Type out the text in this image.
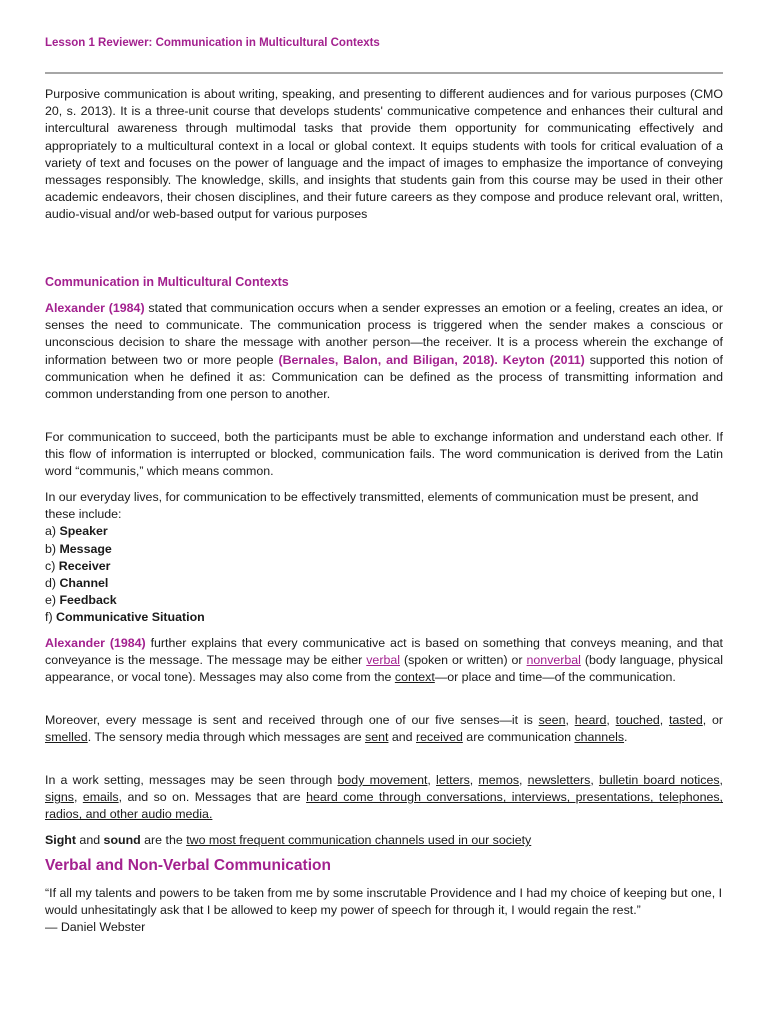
Lesson 1 Reviewer: Communication in Multicultural Contexts

Purposive communication is about writing, speaking, and presenting to different audiences and for various purposes (CMO 20, s. 2013). It is a three-unit course that develops students' communicative competence and enhances their cultural and intercultural awareness through multimodal tasks that provide them opportunity for communicating effectively and appropriately to a multicultural context in a local or global context. It equips students with tools for critical evaluation of a variety of text and focuses on the power of language and the impact of images to emphasize the importance of conveying messages responsibly. The knowledge, skills, and insights that students gain from this course may be used in their other academic endeavors, their chosen disciplines, and their future careers as they compose and produce relevant oral, written, audio-visual and/or web-based output for various purposes

Communication in Multicultural Contexts

Alexander (1984) stated that communication occurs when a sender expresses an emotion or a feeling, creates an idea, or senses the need to communicate. The communication process is triggered when the sender makes a conscious or unconscious decision to share the message with another person—the receiver. It is a process wherein the exchange of information between two or more people (Bernales, Balon, and Biligan, 2018). Keyton (2011) supported this notion of communication when he defined it as: Communication can be defined as the process of transmitting information and common understanding from one person to another.

For communication to succeed, both the participants must be able to exchange information and understand each other. If this flow of information is interrupted or blocked, communication fails. The word communication is derived from the Latin word “communis,” which means common.

In our everyday lives, for communication to be effectively transmitted, elements of communication must be present, and these include:

a) Speaker
b) Message
c) Receiver
d) Channel
e) Feedback
f) Communicative Situation

Alexander (1984) further explains that every communicative act is based on something that conveys meaning, and that conveyance is the message. The message may be either verbal (spoken or written) or nonverbal (body language, physical appearance, or vocal tone). Messages may also come from the context—or place and time—of the communication.

Moreover, every message is sent and received through one of our five senses—it is seen, heard, touched, tasted, or smelled. The sensory media through which messages are sent and received are communication channels.

In a work setting, messages may be seen through body movement, letters, memos, newsletters, bulletin board notices, signs, emails, and so on. Messages that are heard come through conversations, interviews, presentations, telephones, radios, and other audio media.

Sight and sound are the two most frequent communication channels used in our society

Verbal and Non-Verbal Communication

“If all my talents and powers to be taken from me by some inscrutable Providence and I had my choice of keeping but one, I would unhesitatingly ask that I be allowed to keep my power of speech for through it, I would regain the rest.”

— Daniel Webster
